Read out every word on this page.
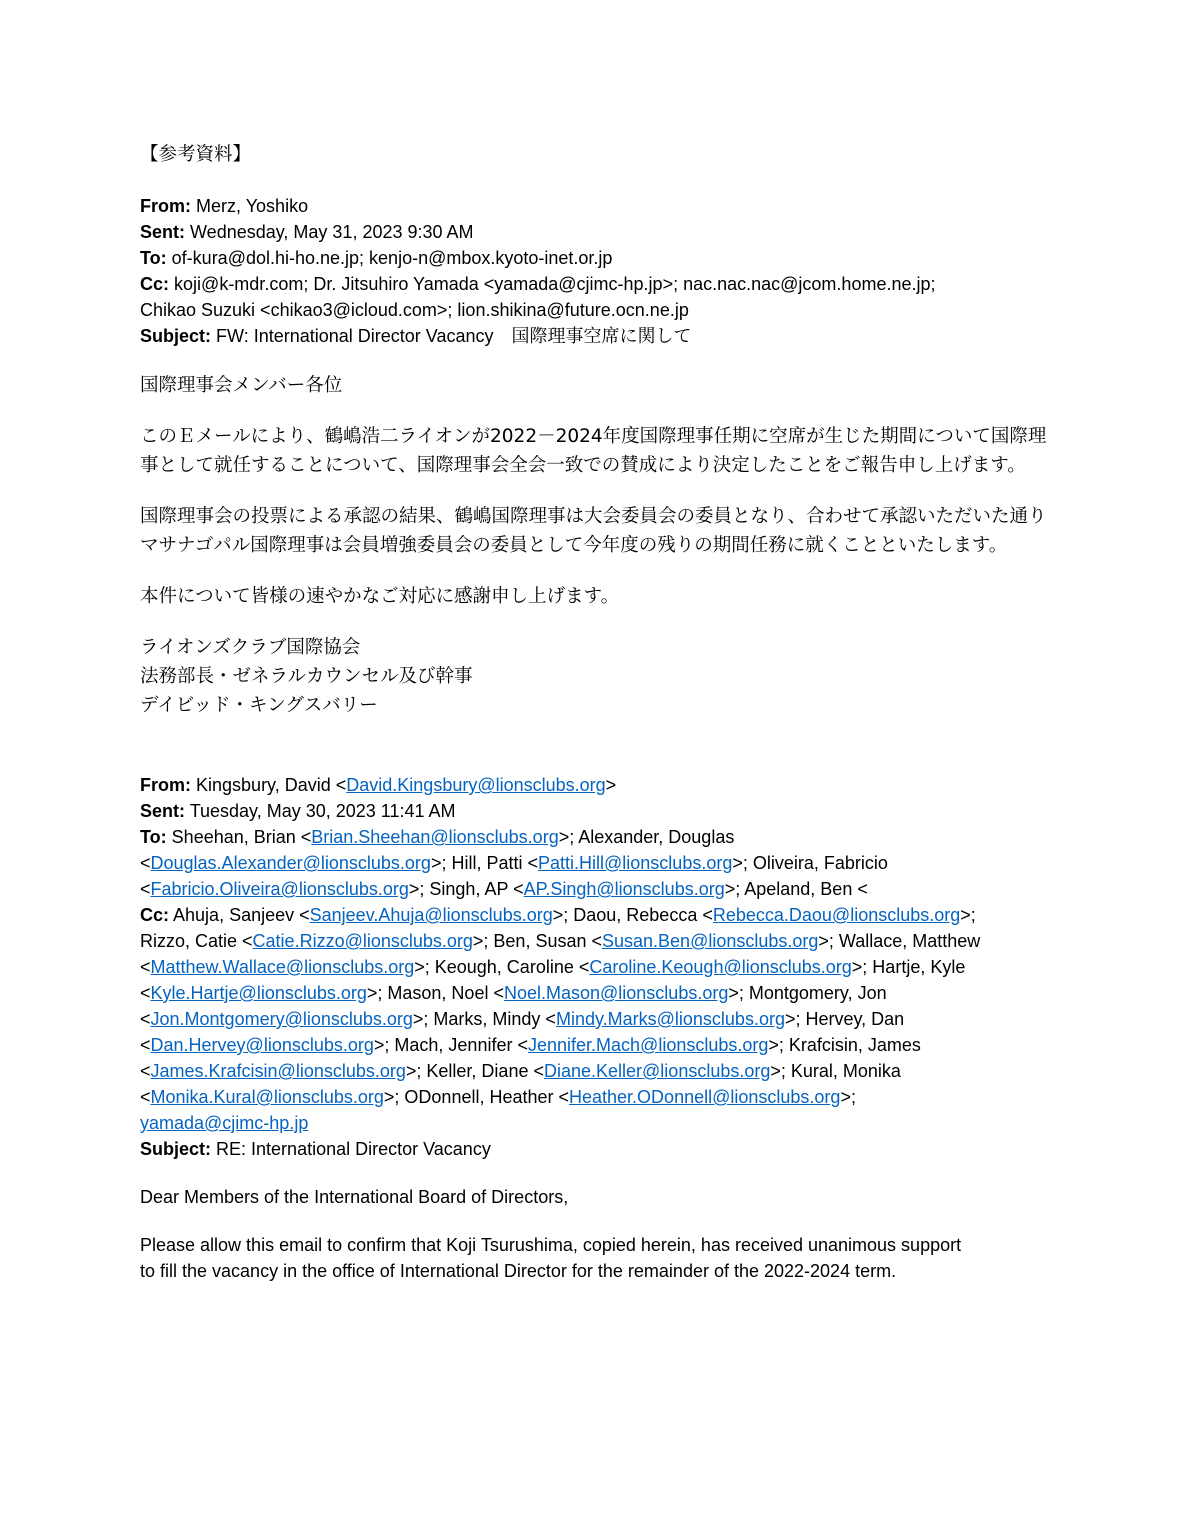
【参考資料】
From: Merz, Yoshiko
Sent: Wednesday, May 31, 2023 9:30 AM
To: of-kura@dol.hi-ho.ne.jp; kenjo-n@mbox.kyoto-inet.or.jp
Cc: koji@k-mdr.com; Dr. Jitsuhiro Yamada <yamada@cjimc-hp.jp>; nac.nac.nac@jcom.home.ne.jp;
Chikao Suzuki <chikao3@icloud.com>; lion.shikina@future.ocn.ne.jp
Subject: FW: International Director Vacancy　国際理事空席に関して
国際理事会メンバー各位
このＥメールにより、鶴嶋浩二ライオンが2022－2024年度国際理事任期に空席が生じた期間について国際理事として就任することについて、国際理事会全会一致での賛成により決定したことをご報告申し上げます。
国際理事会の投票による承認の結果、鶴嶋国際理事は大会委員会の委員となり、合わせて承認いただいた通りマサナゴパル国際理事は会員増強委員会の委員として今年度の残りの期間任務に就くことといたします。
本件について皆様の速やかなご対応に感謝申し上げます。
ライオンズクラブ国際協会
法務部長・ゼネラルカウンセル及び幹事
デイビッド・キングスバリー
From: Kingsbury, David <David.Kingsbury@lionsclubs.org>
Sent: Tuesday, May 30, 2023 11:41 AM
To: Sheehan, Brian <Brian.Sheehan@lionsclubs.org>; Alexander, Douglas
<Douglas.Alexander@lionsclubs.org>; Hill, Patti <Patti.Hill@lionsclubs.org>; Oliveira, Fabricio
<Fabricio.Oliveira@lionsclubs.org>; Singh, AP <AP.Singh@lionsclubs.org>; Apeland, Ben <
Cc: Ahuja, Sanjeev <Sanjeev.Ahuja@lionsclubs.org>; Daou, Rebecca <Rebecca.Daou@lionsclubs.org>;
Rizzo, Catie <Catie.Rizzo@lionsclubs.org>; Ben, Susan <Susan.Ben@lionsclubs.org>; Wallace, Matthew
<Matthew.Wallace@lionsclubs.org>; Keough, Caroline <Caroline.Keough@lionsclubs.org>; Hartje, Kyle
<Kyle.Hartje@lionsclubs.org>; Mason, Noel <Noel.Mason@lionsclubs.org>; Montgomery, Jon
<Jon.Montgomery@lionsclubs.org>; Marks, Mindy <Mindy.Marks@lionsclubs.org>; Hervey, Dan
<Dan.Hervey@lionsclubs.org>; Mach, Jennifer <Jennifer.Mach@lionsclubs.org>; Krafcisin, James
<James.Krafcisin@lionsclubs.org>; Keller, Diane <Diane.Keller@lionsclubs.org>; Kural, Monika
<Monika.Kural@lionsclubs.org>; ODonnell, Heather <Heather.ODonnell@lionsclubs.org>;
yamada@cjimc-hp.jp
Subject: RE: International Director Vacancy
Dear Members of the International Board of Directors,
Please allow this email to confirm that Koji Tsurushima, copied herein, has received unanimous support
to fill the vacancy in the office of International Director for the remainder of the 2022-2024 term.
